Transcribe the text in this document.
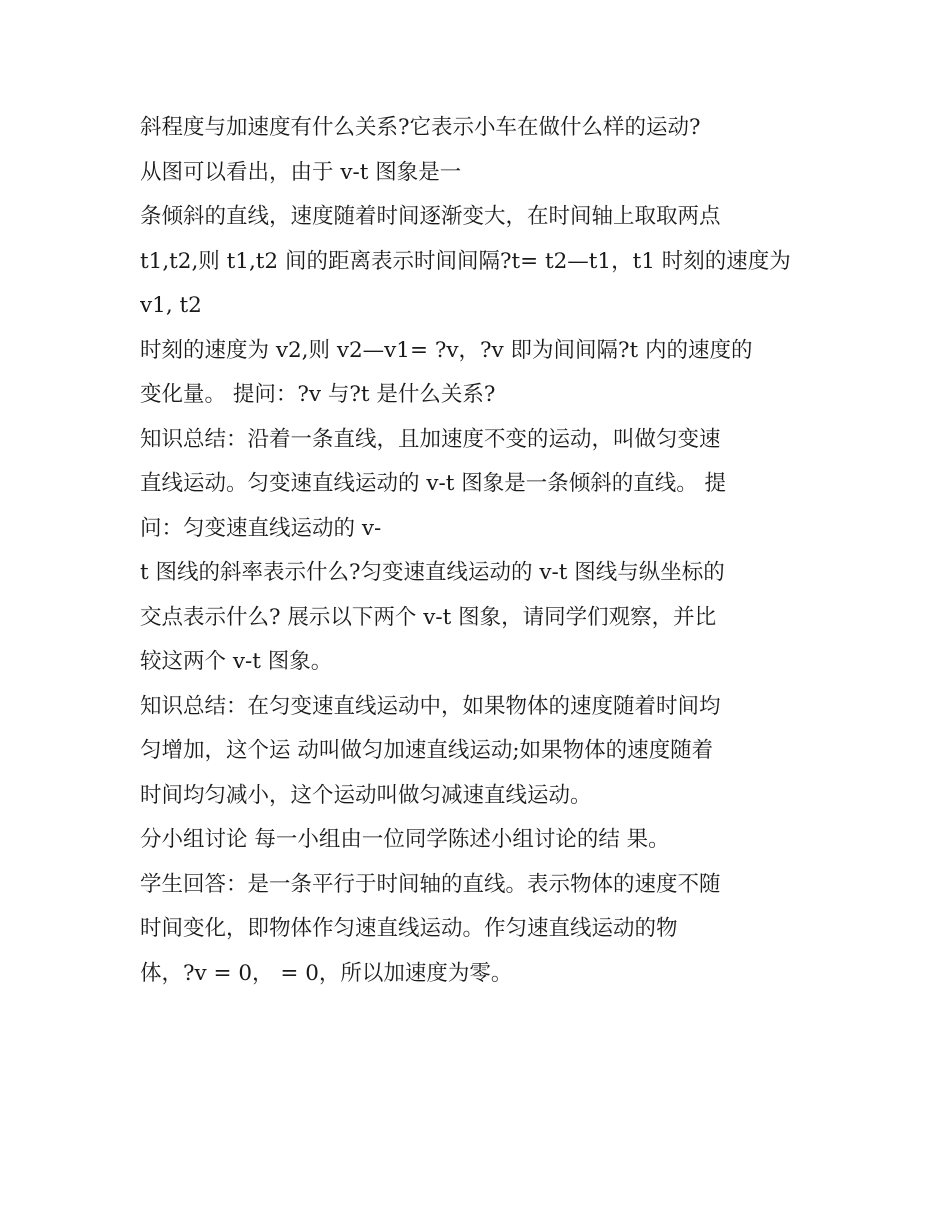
斜程度与加速度有什么关系?它表示小车在做什么样的运动?
从图可以看出，由于 v-t 图象是一
条倾斜的直线，速度随着时间逐渐变大，在时间轴上取取两点
t1,t2,则 t1,t2 间的距离表示时间间隔?t= t2—t1，t1 时刻的速度为
v1, t2
时刻的速度为 v2,则 v2—v1= ?v，?v 即为间间隔?t 内的速度的
变化量。 提问：?v 与?t 是什么关系?
知识总结：沿着一条直线，且加速度不变的运动，叫做匀变速
直线运动。匀变速直线运动的 v-t 图象是一条倾斜的直线。 提
问：匀变速直线运动的 v-
t 图线的斜率表示什么?匀变速直线运动的 v-t 图线与纵坐标的
交点表示什么? 展示以下两个 v-t 图象，请同学们观察，并比
较这两个 v-t 图象。
知识总结：在匀变速直线运动中，如果物体的速度随着时间均
匀增加，这个运 动叫做匀加速直线运动;如果物体的速度随着
时间均匀减小，这个运动叫做匀减速直线运动。
分小组讨论 每一小组由一位同学陈述小组讨论的结 果。
学生回答：是一条平行于时间轴的直线。表示物体的速度不随
时间变化，即物体作匀速直线运动。作匀速直线运动的物
体，?v = 0， = 0，所以加速度为零。
